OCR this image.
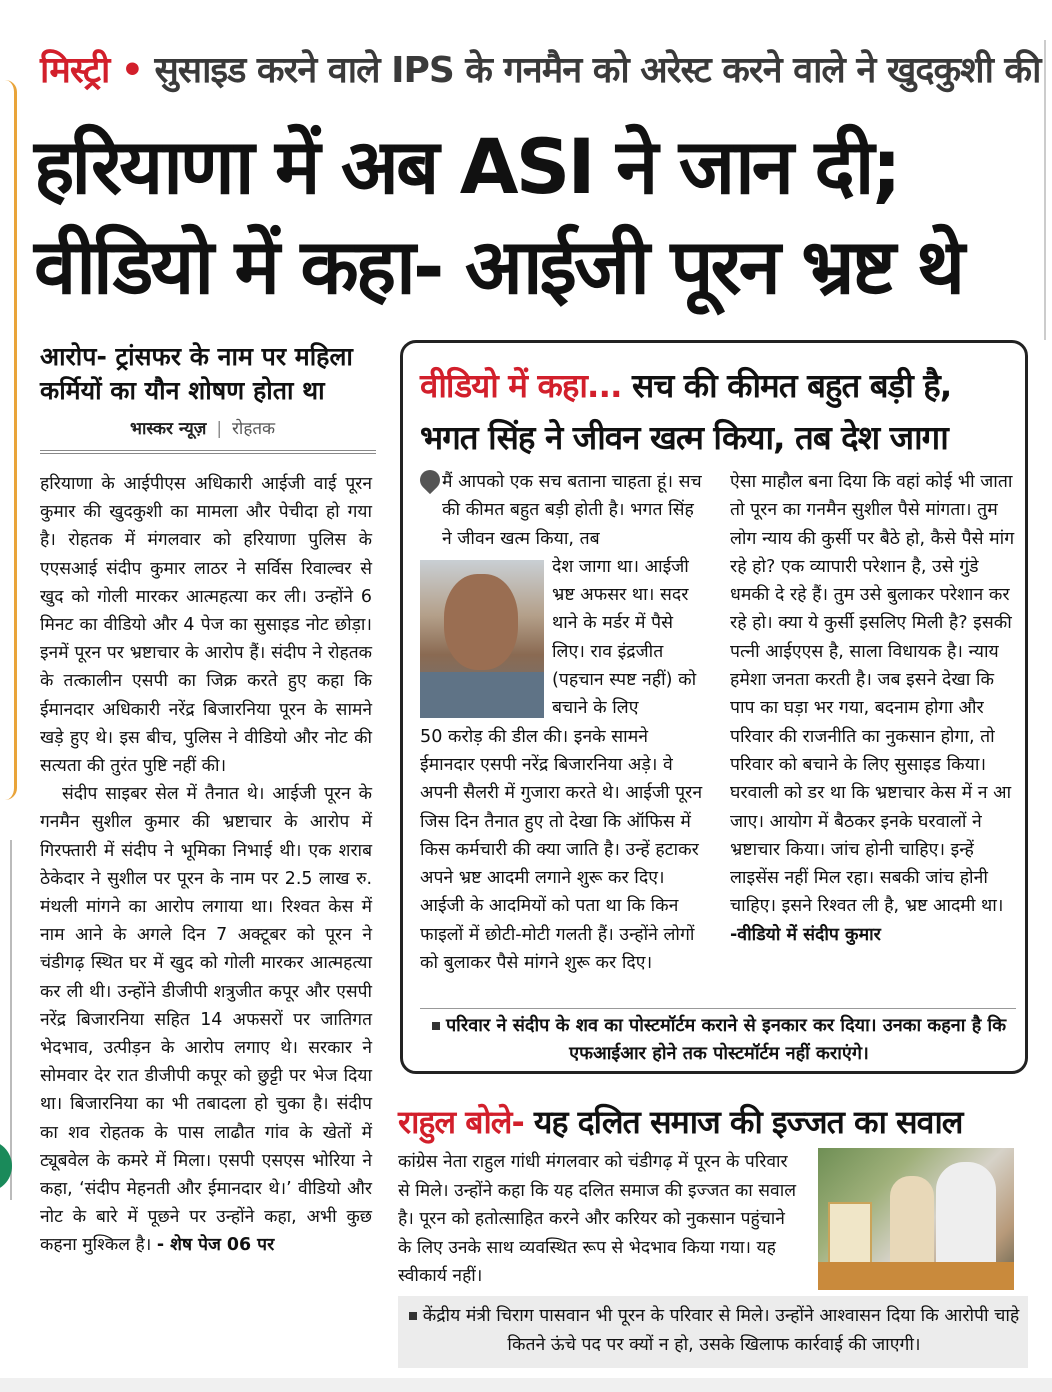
मिस्ट्री • सुसाइड करने वाले IPS के गनमैन को अरेस्ट करने वाले ने खुदकुशी की
हरियाणा में अब ASI ने जान दी;
वीडियो में कहा- आईजी पूरन भ्रष्ट थे
आरोप- ट्रांसफर के नाम पर महिला कर्मियों का यौन शोषण होता था
भास्कर न्यूज़ | रोहतक

हरियाणा के आईपीएस अधिकारी आईजी वाई पूरन कुमार की खुदकुशी का मामला और पेचीदा हो गया है। रोहतक में मंगलवार को हरियाणा पुलिस के एएसआई संदीप कुमार लाठर ने सर्विस रिवाल्वर से खुद को गोली मारकर आत्महत्या कर ली। उन्होंने 6 मिनट का वीडियो और 4 पेज का सुसाइड नोट छोड़ा। इनमें पूरन पर भ्रष्टाचार के आरोप हैं। संदीप ने रोहतक के तत्कालीन एसपी का जिक्र करते हुए कहा कि ईमानदार अधिकारी नरेंद्र बिजारनिया पूरन के सामने खड़े हुए थे। इस बीच, पुलिस ने वीडियो और नोट की सत्यता की तुरंत पुष्टि नहीं की।

संदीप साइबर सेल में तैनात थे। आईजी पूरन के गनमैन सुशील कुमार की भ्रष्टाचार के आरोप में गिरफ्तारी में संदीप ने भूमिका निभाई थी। एक शराब ठेकेदार ने सुशील पर पूरन के नाम पर 2.5 लाख रु. मंथली मांगने का आरोप लगाया था। रिश्वत केस में नाम आने के अगले दिन 7 अक्टूबर को पूरन ने चंडीगढ़ स्थित घर में खुद को गोली मारकर आत्महत्या कर ली थी। उन्होंने डीजीपी शत्रुजीत कपूर और एसपी नरेंद्र बिजारनिया सहित 14 अफसरों पर जातिगत भेदभाव, उत्पीड़न के आरोप लगाए थे। सरकार ने सोमवार देर रात डीजीपी कपूर को छुट्टी पर भेज दिया था। बिजारनिया का भी तबादला हो चुका है। संदीप का शव रोहतक के पास लाढौत गांव के खेतों में ट्यूबवेल के कमरे में मिला। एसपी एसएस भोरिया ने कहा, ‘संदीप मेहनती और ईमानदार थे।’ वीडियो और नोट के बारे में पूछने पर उन्होंने कहा, अभी कुछ कहना मुश्किल है। - शेष पेज 06 पर

वीडियो में कहा... सच की कीमत बहुत बड़ी है,
भगत सिंह ने जीवन खत्म किया, तब देश जागा

मैं आपको एक सच बताना चाहता हूं। सच की कीमत बहुत बड़ी होती है। भगत सिंह ने जीवन खत्म किया, तब

देश जागा था। आईजी भ्रष्ट अफसर था। सदर थाने के मर्डर में पैसे लिए। राव इंद्रजीत (पहचान स्पष्ट नहीं) को बचाने के लिए

50 करोड़ की डील की। इनके सामने ईमानदार एसपी नरेंद्र बिजारनिया अड़े। वे अपनी सैलरी में गुजारा करते थे। आईजी पूरन जिस दिन तैनात हुए तो देखा कि ऑफिस में किस कर्मचारी की क्या जाति है। उन्हें हटाकर अपने भ्रष्ट आदमी लगाने शुरू कर दिए। आईजी के आदमियों को पता था कि किन फाइलों में छोटी-मोटी गलती हैं। उन्होंने लोगों को बुलाकर पैसे मांगने शुरू कर दिए।

ऐसा माहौल बना दिया कि वहां कोई भी जाता तो पूरन का गनमैन सुशील पैसे मांगता। तुम लोग न्याय की कुर्सी पर बैठे हो, कैसे पैसे मांग रहे हो? एक व्यापारी परेशान है, उसे गुंडे धमकी दे रहे हैं। तुम उसे बुलाकर परेशान कर रहे हो। क्या ये कुर्सी इसलिए मिली है? इसकी पत्नी आईएएस है, साला विधायक है। न्याय हमेशा जनता करती है। जब इसने देखा कि पाप का घड़ा भर गया, बदनाम होगा और परिवार की राजनीति का नुकसान होगा, तो परिवार को बचाने के लिए सुसाइड किया। घरवाली को डर था कि भ्रष्टाचार केस में न आ जाए। आयोग में बैठकर इनके घरवालों ने भ्रष्टाचार किया। जांच होनी चाहिए। इन्हें लाइसेंस नहीं मिल रहा। सबकी जांच होनी चाहिए। इसने रिश्वत ली है, भ्रष्ट आदमी था। -वीडियो में संदीप कुमार

परिवार ने संदीप के शव का पोस्टमॉर्टम कराने से इनकार कर दिया। उनका कहना है कि एफआईआर होने तक पोस्टमॉर्टम नहीं कराएंगे।
राहुल बोले- यह दलित समाज की इज्जत का सवाल

कांग्रेस नेता राहुल गांधी मंगलवार को चंडीगढ़ में पूरन के परिवार से मिले। उन्होंने कहा कि यह दलित समाज की इज्जत का सवाल है। पूरन को हतोत्साहित करने और करियर को नुकसान पहुंचाने के लिए उनके साथ व्यवस्थित रूप से भेदभाव किया गया। यह स्वीकार्य नहीं।

केंद्रीय मंत्री चिराग पासवान भी पूरन के परिवार से मिले। उन्होंने आश्वासन दिया कि आरोपी चाहे कितने ऊंचे पद पर क्यों न हो, उसके खिलाफ कार्रवाई की जाएगी।
